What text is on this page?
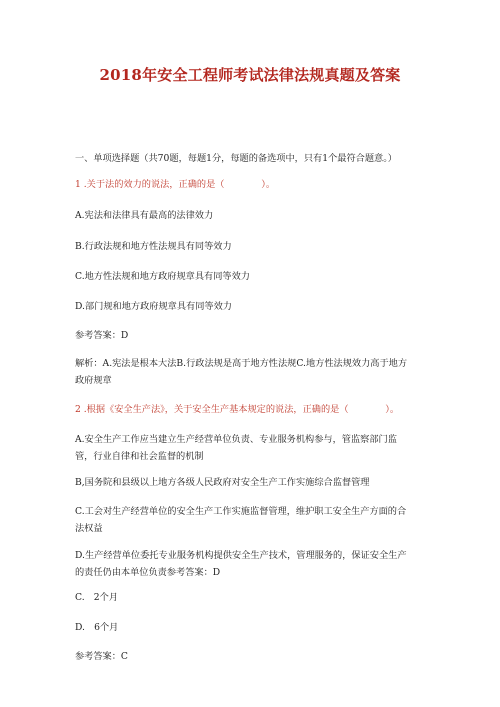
2018年安全工程师考试法律法规真题及答案
一、单项选择题（共70题，每题1分，每题的备选项中，只有1个最符合题意。）
1 .关于法的效力的说法，正确的是（　　　　）。
A.宪法和法律具有最高的法律效力
B.行政法规和地方性法规具有同等效力
C.地方性法规和地方政府规章具有同等效力
D.部门规和地方政府规章具有同等效力
参考答案：D
解析：A.宪法是根本大法B.行政法规是高于地方性法规C.地方性法规效力高于地方政府规章
2 .根据《安全生产法》，关于安全生产基本规定的说法，正确的是（　　　　）。
A.安全生产工作应当建立生产经营单位负责、专业服务机构参与，管监察部门监管，行业自律和社会监督的机制
B,国务院和县级以上地方各级人民政府对安全生产工作实施综合监督管理
C.工会对生产经营单位的安全生产工作实施监督管理，维护职工安全生产方面的合法权益
D.生产经营单位委托专业服务机构提供安全生产技术，管理服务的，保证安全生产的责任仍由本单位负责参考答案：D
C.　2个月
D.　6个月
参考答案：C
